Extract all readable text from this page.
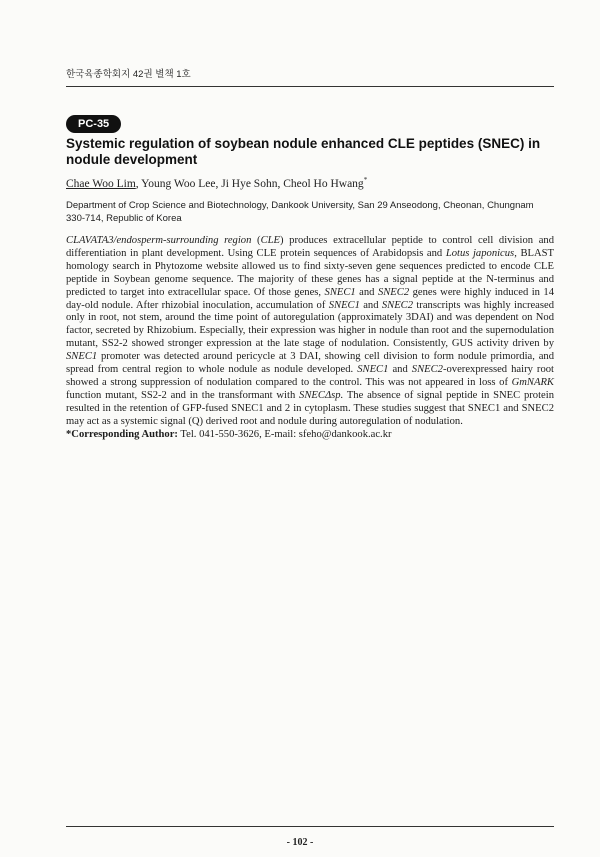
한국육종학회지 42권 별책 1호
PC-35
Systemic regulation of soybean nodule enhanced CLE peptides (SNEC) in nodule development
Chae Woo Lim, Young Woo Lee, Ji Hye Sohn, Cheol Ho Hwang*
Department of Crop Science and Biotechnology, Dankook University, San 29 Anseodong, Cheonan, Chungnam 330-714, Republic of Korea

CLAVATA3/endosperm-surrounding region (CLE) produces extracellular peptide to control cell division and differentiation in plant development. Using CLE protein sequences of Arabidopsis and Lotus japonicus, BLAST homology search in Phytozome website allowed us to find sixty-seven gene sequences predicted to encode CLE peptide in Soybean genome sequence. The majority of these genes has a signal peptide at the N-terminus and predicted to target into extracellular space. Of those genes, SNEC1 and SNEC2 genes were highly induced in 14 day-old nodule. After rhizobial inoculation, accumulation of SNEC1 and SNEC2 transcripts was highly increased only in root, not stem, around the time point of autoregulation (approximately 3DAI) and was dependent on Nod factor, secreted by Rhizobium. Especially, their expression was higher in nodule than root and the supernodulation mutant, SS2-2 showed stronger expression at the late stage of nodulation. Consistently, GUS activity driven by SNEC1 promoter was detected around pericycle at 3 DAI, showing cell division to form nodule primordia, and spread from central region to whole nodule as nodule developed. SNEC1 and SNEC2-overexpressed hairy root showed a strong suppression of nodulation compared to the control. This was not appeared in loss of GmNARK function mutant, SS2-2 and in the transformant with SNECΔsp. The absence of signal peptide in SNEC protein resulted in the retention of GFP-fused SNEC1 and 2 in cytoplasm. These studies suggest that SNEC1 and SNEC2 may act as a systemic signal (Q) derived root and nodule during autoregulation of nodulation.

*Corresponding Author: Tel. 041-550-3626, E-mail: sfeho@dankook.ac.kr
- 102 -
